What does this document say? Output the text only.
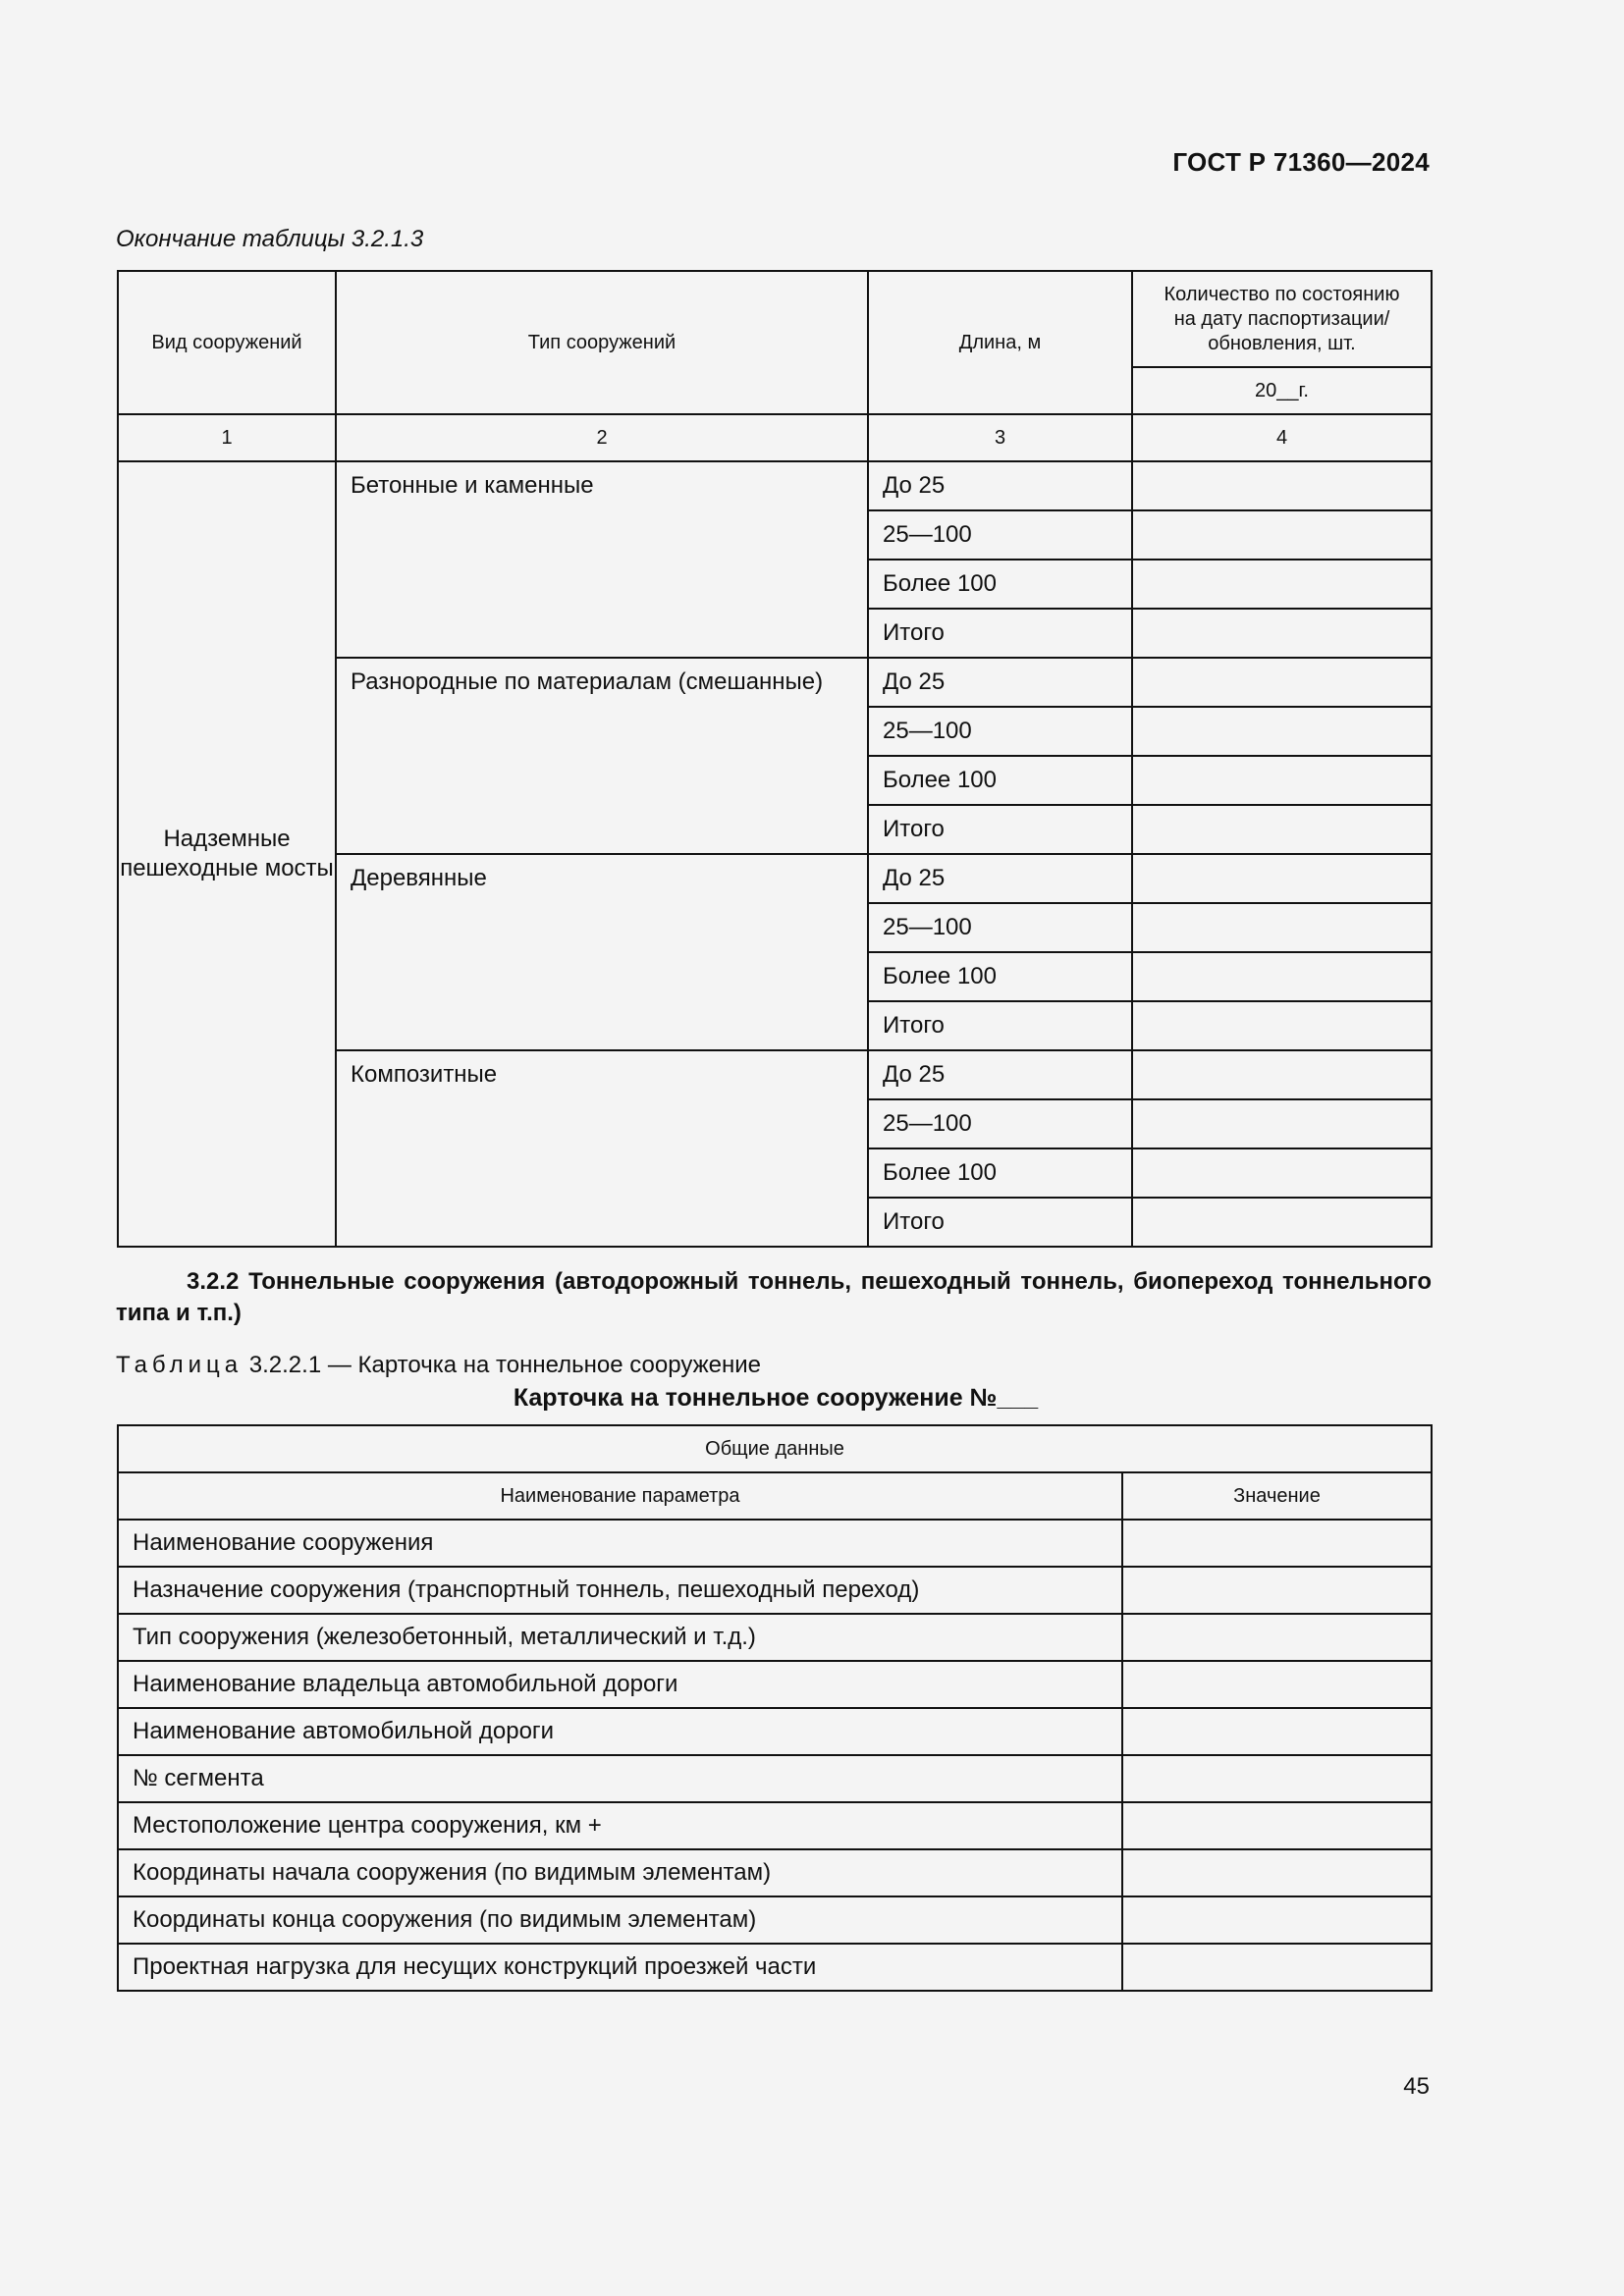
ГОСТ Р 71360—2024
Окончание таблицы 3.2.1.3
Вид сооружений	Тип сооружений	Длина, м	Количество по состоянию на дату паспортизации/ обновления, шт.
			20__г.
1	2	3	4
Надземные пешеходные мосты	Бетонные и каменные	До 25	
		25—100	
		Более 100	
		Итого	
	Разнородные по материалам (смешанные)	До 25	
		25—100	
		Более 100	
		Итого	
	Деревянные	До 25	
		25—100	
		Более 100	
		Итого	
	Композитные	До 25	
		25—100	
		Более 100	
		Итого	
3.2.2 Тоннельные сооружения (автодорожный тоннель, пешеходный тоннель, биопереход тоннельного типа и т.п.)
Таблица 3.2.2.1 — Карточка на тоннельное сооружение
Карточка на тоннельное сооружение №___
Общие данные	
Наименование параметра	Значение
Наименование сооружения	
Назначение сооружения (транспортный тоннель, пешеходный переход)	
Тип сооружения (железобетонный, металлический и т.д.)	
Наименование владельца автомобильной дороги	
Наименование автомобильной дороги	
№ сегмента	
Местоположение центра сооружения, км +	
Координаты начала сооружения (по видимым элементам)	
Координаты конца сооружения (по видимым элементам)	
Проектная нагрузка для несущих конструкций проезжей части	
45
